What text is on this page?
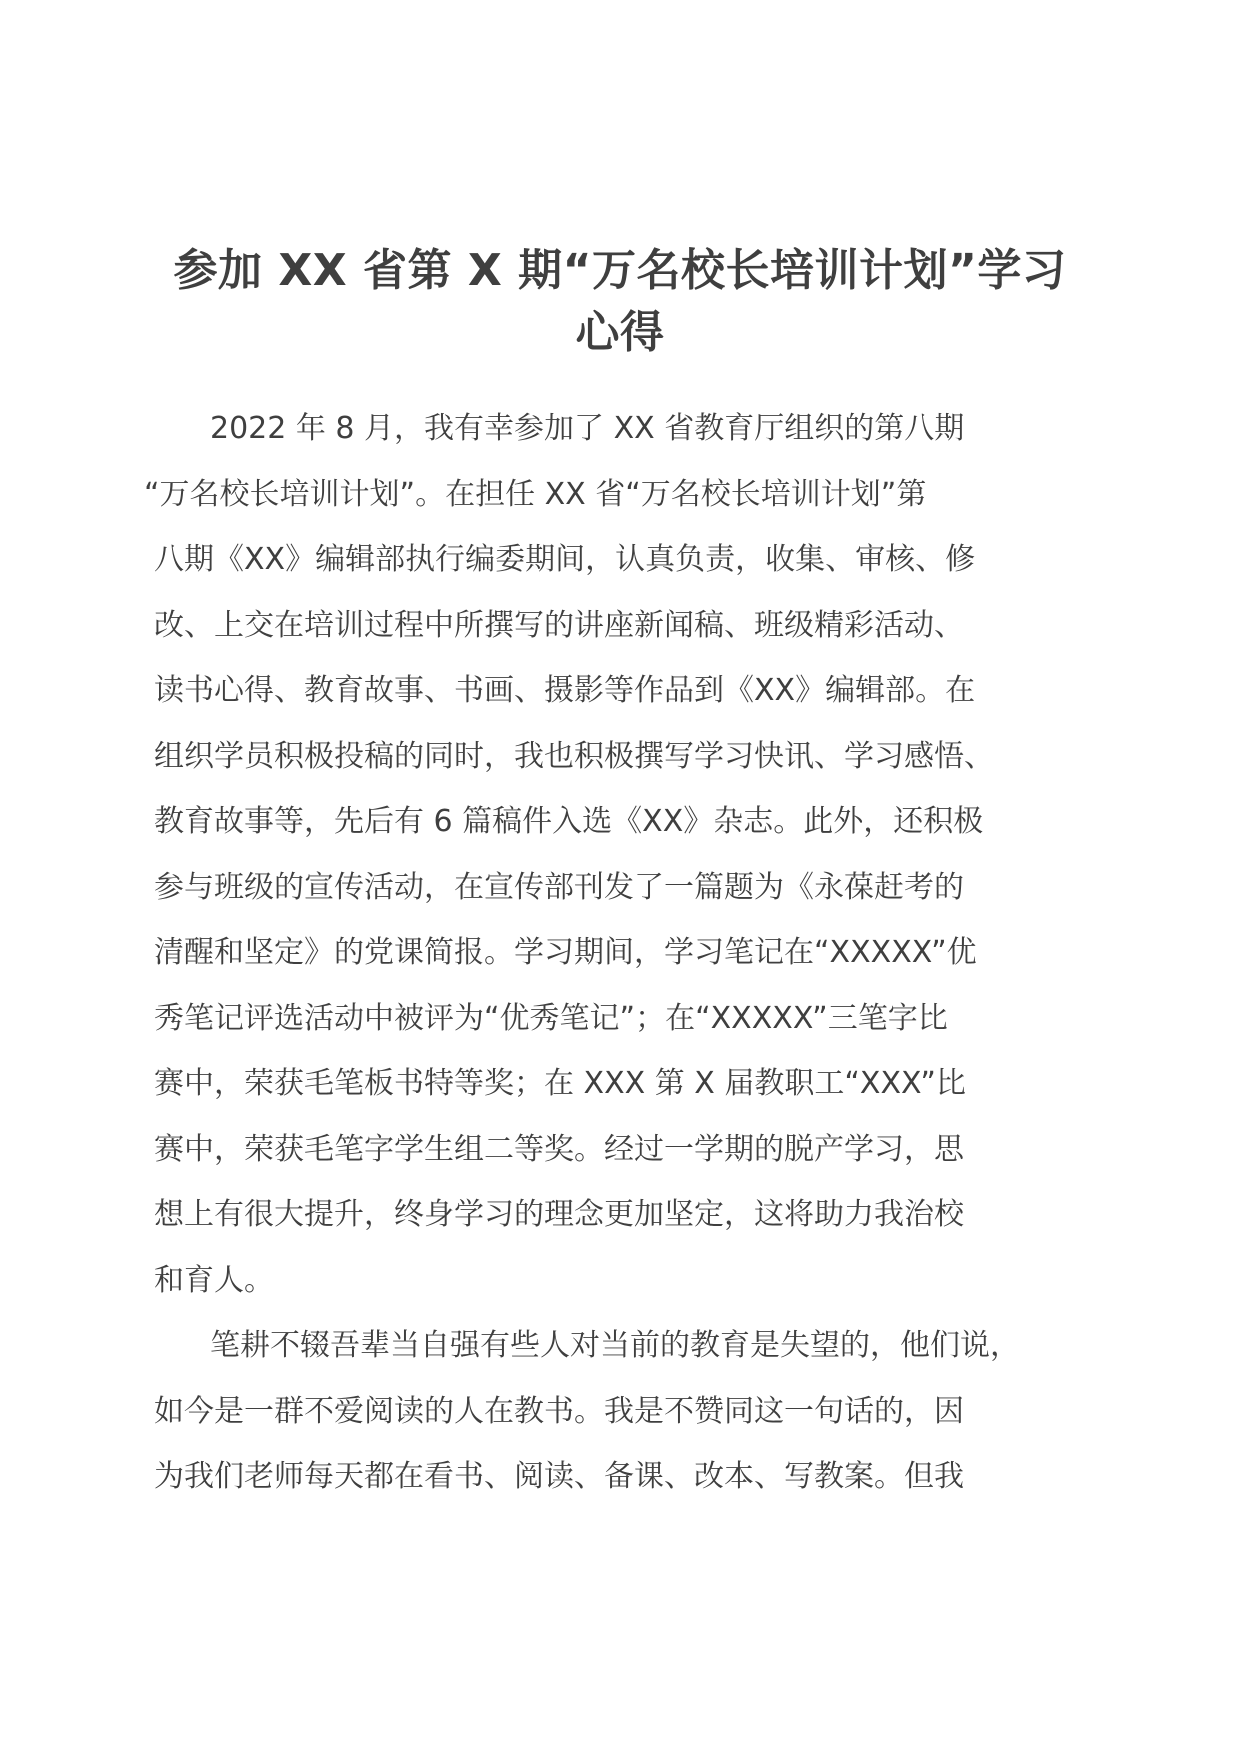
参加 XX 省第 X 期“万名校长培训计划”学习
心得
2022 年 8 月，我有幸参加了 XX 省教育厅组织的第八期
“万名校长培训计划”。在担任 XX 省“万名校长培训计划”第
八期《XX》编辑部执行编委期间，认真负责，收集、审核、修
改、上交在培训过程中所撰写的讲座新闻稿、班级精彩活动、
读书心得、教育故事、书画、摄影等作品到《XX》编辑部。在
组织学员积极投稿的同时，我也积极撰写学习快讯、学习感悟、
教育故事等，先后有 6 篇稿件入选《XX》杂志。此外，还积极
参与班级的宣传活动，在宣传部刊发了一篇题为《永葆赶考的
清醒和坚定》的党课简报。学习期间，学习笔记在“XXXXX”优
秀笔记评选活动中被评为“优秀笔记”；在“XXXXX”三笔字比
赛中，荣获毛笔板书特等奖；在 XXX 第 X 届教职工“XXX”比
赛中，荣获毛笔字学生组二等奖。经过一学期的脱产学习，思
想上有很大提升，终身学习的理念更加坚定，这将助力我治校
和育人。
笔耕不辍吾辈当自强有些人对当前的教育是失望的，他们说，
如今是一群不爱阅读的人在教书。我是不赞同这一句话的，因
为我们老师每天都在看书、阅读、备课、改本、写教案。但我
